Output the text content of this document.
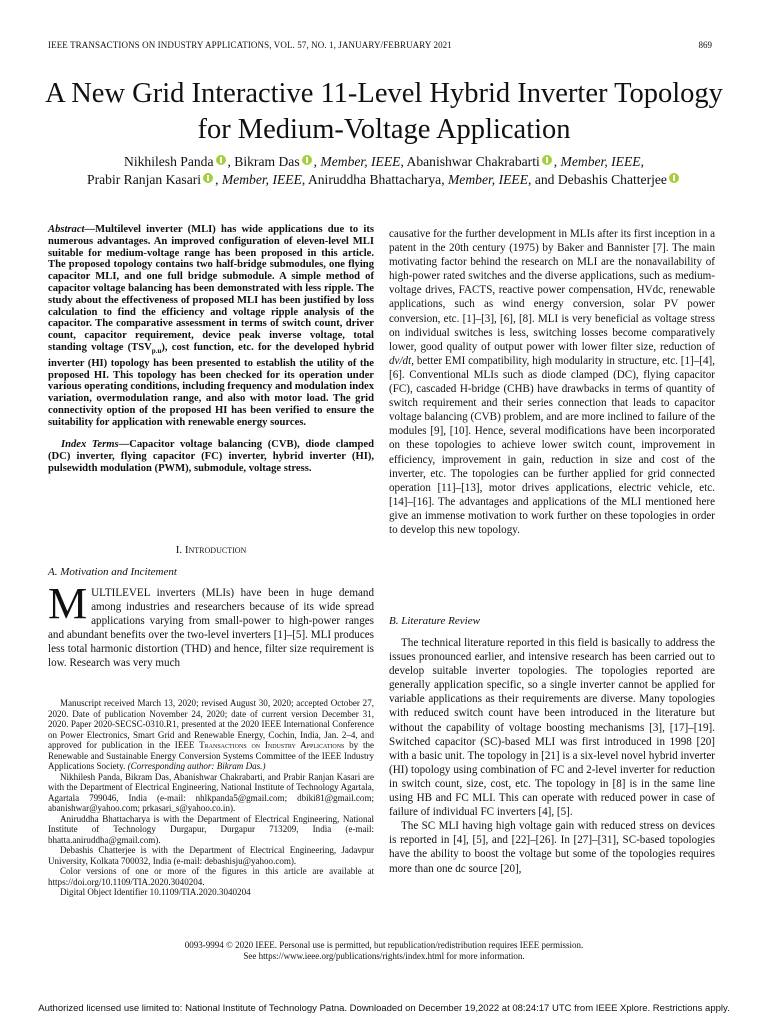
IEEE TRANSACTIONS ON INDUSTRY APPLICATIONS, VOL. 57, NO. 1, JANUARY/FEBRUARY 2021	869
A New Grid Interactive 11-Level Hybrid Inverter Topology for Medium-Voltage Application
Nikhilesh Panda , Bikram Das , Member, IEEE, Abanishwar Chakrabarti , Member, IEEE,
Prabir Ranjan Kasari , Member, IEEE, Aniruddha Bhattacharya, Member, IEEE, and Debashis Chatterjee
Abstract—Multilevel inverter (MLI) has wide applications due to its numerous advantages. An improved configuration of eleven-level MLI suitable for medium-voltage range has been proposed in this article. The proposed topology contains two half-bridge submodules, one flying capacitor MLI, and one full bridge submodule. A simple method of capacitor voltage balancing has been demonstrated with less ripple. The study about the effectiveness of proposed MLI has been justified by loss calculation to find the efficiency and voltage ripple analysis of the capacitor. The comparative assessment in terms of switch count, driver count, capacitor requirement, device peak inverse voltage, total standing voltage $(TSV_{p.u})$, cost function, etc. for the developed hybrid inverter (HI) topology has been presented to establish the utility of the proposed HI. This topology has been checked for its operation under various operating conditions, including frequency and modulation index variation, overmodulation range, and also with motor load. The grid connectivity option of the proposed HI has been verified to ensure the suitability for application with renewable energy sources.
Index Terms—Capacitor voltage balancing (CVB), diode clamped (DC) inverter, flying capacitor (FC) inverter, hybrid inverter (HI), pulsewidth modulation (PWM), submodule, voltage stress.
I. Introduction
A. Motivation and Incitement
MULTILEVEL inverters (MLIs) have been in huge demand among industries and researchers because of its wide spread applications varying from small-power to high-power ranges and abundant benefits over the two-level inverters [1]–[5]. MLI produces less total harmonic distortion (THD) and hence, filter size requirement is low. Research was very much

Manuscript received March 13, 2020; revised August 30, 2020; accepted October 27, 2020. Date of publication November 24, 2020; date of current version December 31, 2020. Paper 2020-SECSC-0310.R1, presented at the 2020 IEEE International Conference on Power Electronics, Smart Grid and Renewable Energy, Cochin, India, Jan. 2–4, and approved for publication in the IEEE Transactions on Industry Applications by the Renewable and Sustainable Energy Conversion Systems Committee of the IEEE Industry Applications Society. (Corresponding author: Bikram Das.)

Nikhilesh Panda, Bikram Das, Abanishwar Chakrabarti, and Prabir Ranjan Kasari are with the Department of Electrical Engineering, National Institute of Technology Agartala, Agartala 799046, India (e-mail: nhlkpanda5@gmail.com; dbiki81@gmail.com; abanishwar@yahoo.com; prkasari_s@yahoo.co.in).

Aniruddha Bhattacharya is with the Department of Electrical Engineering, National Institute of Technology Durgapur, Durgapur 713209, India (e-mail: bhatta.aniruddha@gmail.com).

Debashis Chatterjee is with the Department of Electrical Engineering, Jadavpur University, Kolkata 700032, India (e-mail: debashisju@yahoo.com).

Color versions of one or more of the figures in this article are available at https://doi.org/10.1109/TIA.2020.3040204.

Digital Object Identifier 10.1109/TIA.2020.3040204

causative for the further development in MLIs after its first inception in a patent in the 20th century (1975) by Baker and Bannister [7]. The main motivating factor behind the research on MLI are the nonavailability of high-power rated switches and the diverse applications, such as medium-voltage drives, FACTS, reactive power compensation, HVdc, renewable applications, such as wind energy conversion, solar PV power conversion, etc. [1]–[3], [6], [8]. MLI is very beneficial as voltage stress on individual switches is less, switching losses become comparatively lower, good quality of output power with lower filter size, reduction of dv/dt, better EMI compatibility, high modularity in structure, etc. [1]–[4], [6]. Conventional MLIs such as diode clamped (DC), flying capacitor (FC), cascaded H-bridge (CHB) have drawbacks in terms of quantity of switch requirement and their series connection that leads to capacitor voltage balancing (CVB) problem, and are more inclined to failure of the modules [9], [10]. Hence, several modifications have been incorporated on these topologies to achieve lower switch count, improvement in efficiency, improvement in gain, reduction in size and cost of the inverter, etc. The topologies can be further applied for grid connected operation [11]–[13], motor drives applications, electric vehicle, etc. [14]–[16]. The advantages and applications of the MLI mentioned here give an immense motivation to work further on these topologies in order to develop this new topology.
B. Literature Review

The technical literature reported in this field is basically to address the issues pronounced earlier, and intensive research has been carried out to develop suitable inverter topologies. The topologies reported are generally application specific, so a single inverter cannot be applied for variable applications as their requirements are diverse. Many topologies with reduced switch count have been introduced in the literature but without the capability of voltage boosting mechanisms [3], [17]–[19]. Switched capacitor (SC)-based MLI was first introduced in 1998 [20] with a basic unit. The topology in [21] is a six-level novel hybrid inverter (HI) topology using combination of FC and 2-level inverter for reduction in switch count, size, cost, etc. The topology in [8] is in the same line using HB and FC MLI. This can operate with reduced power in case of failure of individual FC inverters [4], [5].

The SC MLI having high voltage gain with reduced stress on devices is reported in [4], [5], and [22]–[26]. In [27]–[31], SC-based topologies have the ability to boost the voltage but some of the topologies requires more than one dc source [20],

0093-9994 © 2020 IEEE. Personal use is permitted, but republication/redistribution requires IEEE permission.
See https://www.ieee.org/publications/rights/index.html for more information.
Authorized licensed use limited to: National Institute of Technology Patna. Downloaded on December 19,2022 at 08:24:17 UTC from IEEE Xplore. Restrictions apply.
